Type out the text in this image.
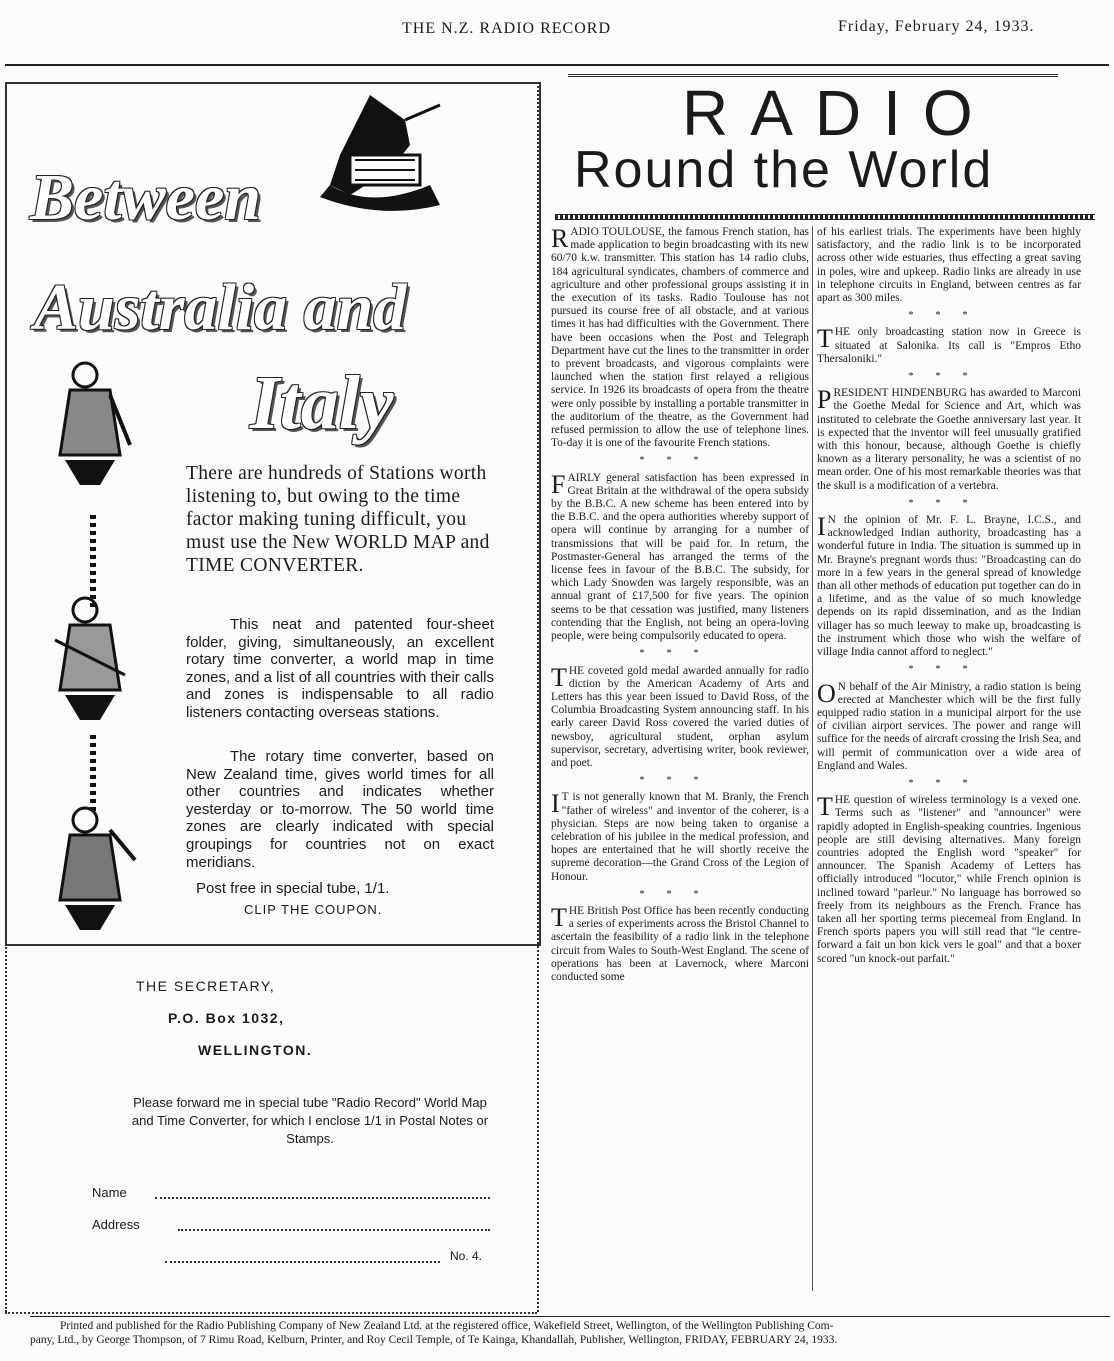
THE N.Z. RADIO RECORD	Friday, February 24, 1933.
Between
Australia and
Italy
There are hundreds of Stations worth listening to, but owing to the time factor making tuning difficult, you must use the New WORLD MAP and TIME CONVERTER.
This neat and patented four-sheet folder, giving, simultaneously, an excellent rotary time converter, a world map in time zones, and a list of all countries with their calls and zones is indispensable to all radio listeners contacting overseas stations.
The rotary time converter, based on New Zealand time, gives world times for all other countries and indicates whether yesterday or to-morrow. The 50 world time zones are clearly indicated with special groupings for countries not on exact meridians.
Post free in special tube, 1/1.
CLIP THE COUPON.
THE SECRETARY,
P.O. Box 1032,
WELLINGTON.
Please forward me in special tube "Radio Record" World Map and Time Converter, for which I enclose 1/1 in Postal Notes or Stamps.
Name
Address
No. 4.
RADIO
Round the World

RADIO TOULOUSE, the famous French station, has made application to begin broadcasting with its new 60/70 k.w. transmitter. This station has 14 radio clubs, 184 agricultural syndicates, chambers of commerce and agriculture and other professional groups assisting it in the execution of its tasks. Radio Toulouse has not pursued its course free of all obstacle, and at various times it has had difficulties with the Government. There have been occasions when the Post and Telegraph Department have cut the lines to the transmitter in order to prevent broadcasts, and vigorous complaints were launched when the station first relayed a religious service. In 1926 its broadcasts of opera from the theatre were only possible by installing a portable transmitter in the auditorium of the theatre, as the Government had refused permission to allow the use of telephone lines. To-day it is one of the favourite French stations.

***

FAIRLY general satisfaction has been expressed in Great Britain at the withdrawal of the opera subsidy by the B.B.C. A new scheme has been entered into by the B.B.C. and the opera authorities whereby support of opera will continue by arranging for a number of transmissions that will be paid for. In return, the Postmaster-General has arranged the terms of the license fees in favour of the B.B.C. The subsidy, for which Lady Snowden was largely responsible, was an annual grant of £17,500 for five years. The opinion seems to be that cessation was justified, many listeners contending that the English, not being an opera-loving people, were being compulsorily educated to opera.

***

THE coveted gold medal awarded annually for radio diction by the American Academy of Arts and Letters has this year been issued to David Ross, of the Columbia Broadcasting System announcing staff. In his early career David Ross covered the varied duties of newsboy, agricultural student, orphan asylum supervisor, secretary, advertising writer, book reviewer, and poet.

***

I T is not generally known that M. Branly, the French "father of wireless" and inventor of the coherer, is a physician. Steps are now being taken to organise a celebration of his jubilee in the medical profession, and hopes are entertained that he will shortly receive the supreme decoration—the Grand Cross of the Legion of Honour.

***

THE British Post Office has been recently conducting a series of experiments across the Bristol Channel to ascertain the feasibility of a radio link in the telephone circuit from Wales to South-West England. The scene of operations has been at Lavernock, where Marconi conducted some

of his earliest trials. The experiments have been highly satisfactory, and the radio link is to be incorporated across other wide estuaries, thus effecting a great saving in poles, wire and upkeep. Radio links are already in use in telephone circuits in England, between centres as far apart as 300 miles.

***

THE only broadcasting station now in Greece is situated at Salonika. Its call is "Empros Etho Thersaloniki."

***

PRESIDENT HINDENBURG has awarded to Marconi the Goethe Medal for Science and Art, which was instituted to celebrate the Goethe anniversary last year. It is expected that the inventor will feel unusually gratified with this honour, because, although Goethe is chiefly known as a literary personality, he was a scientist of no mean order. One of his most remarkable theories was that the skull is a modification of a vertebra.

***

I N the opinion of Mr. F. L. Brayne, I.C.S., and acknowledged Indian authority, broadcasting has a wonderful future in India. The situation is summed up in Mr. Brayne's pregnant words thus: "Broadcasting can do more in a few years in the general spread of knowledge than all other methods of education put together can do in a lifetime, and as the value of so much knowledge depends on its rapid dissemination, and as the Indian villager has so much leeway to make up, broadcasting is the instrument which those who wish the welfare of village India cannot afford to neglect."

***

O N behalf of the Air Ministry, a radio station is being erected at Manchester which will be the first fully equipped radio station in a municipal airport for the use of civilian airport services. The power and range will suffice for the needs of aircraft crossing the Irish Sea, and will permit of communication over a wide area of England and Wales.

***

THE question of wireless terminology is a vexed one. Terms such as "listener" and "announcer" were rapidly adopted in English-speaking countries. Ingenious people are still devising alternatives. Many foreign countries adopted the English word "speaker" for announcer. The Spanish Academy of Letters has officially introduced "locutor," while French opinion is inclined toward "parleur." No language has borrowed so freely from its neighbours as the French. France has taken all her sporting terms piecemeal from England. In French sports papers you will still read that "le centre-forward a fait un bon kick vers le goal" and that a boxer scored "un knock-out parfait."

Printed and published for the Radio Publishing Company of New Zealand Ltd. at the registered office, Wakefield Street, Wellington, of the Wellington Publishing Com-
pany, Ltd., by George Thompson, of 7 Rimu Road, Kelburn, Printer, and Roy Cecil Temple, of Te Kainga, Khandallah, Publisher, Wellington, FRIDAY, FEBRUARY 24, 1933.
